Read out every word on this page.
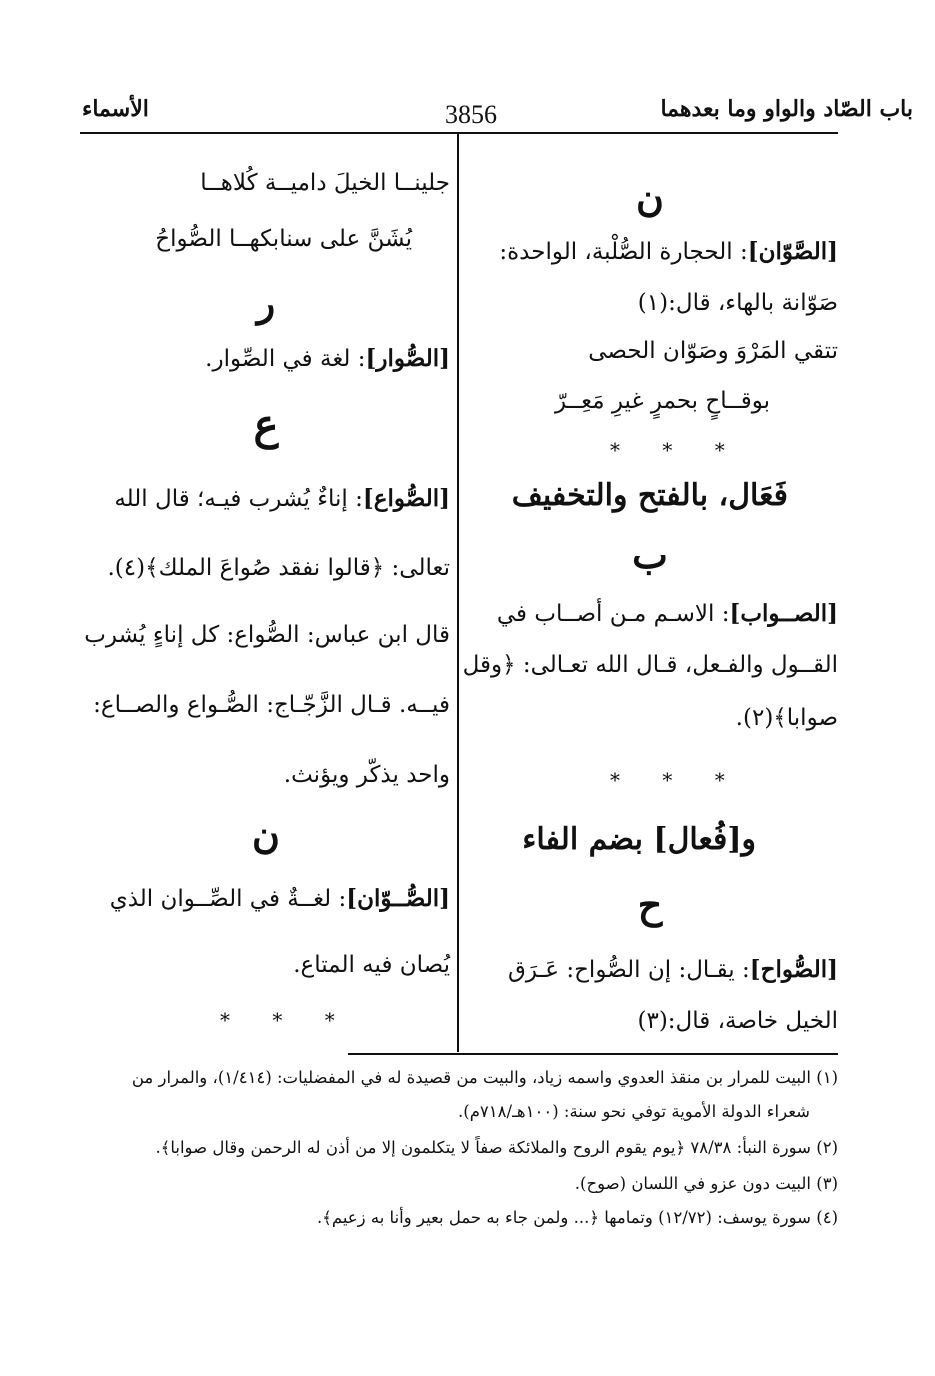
باب الصّاد والواو وما بعدهما
3856
الأسماء
ن
[الصَّوّان]: الحجارة الصُّلْبة، الواحدة:
صَوّانة بالهاء، قال:(١)
تتقي المَرْوَ وصَوّان الحصى
بوقــاحٍ بحمرٍ غيرِ مَعِــرّ
* * *
فَعَال، بالفتح والتخفيف
ب
[الصــواب]: الاسـم مـن أصــاب في
القــول والفـعل، قـال الله تعـالى: ﴿وقل
صوابا﴾(٢).
* * *
و[فُعال] بضم الفاء
ح
[الصُّواح]: يقـال: إن الصُّواح: عَـرَق
الخيل خاصة، قال:(٣)
جلينــا الخيلَ داميــة كُلاهــا
يُشَنَّ على سنابكهــا الصُّواحُ
ر
[الصُّوار]: لغة في الصِّوار.
ع
[الصُّواع]: إناءٌ يُشرب فيـه؛ قال الله
تعالى: ﴿قالوا نفقد صُواعَ الملك﴾(٤).
قال ابن عباس: الصُّواع: كل إناءٍ يُشرب
فيــه. قـال الزَّجّـاج: الصُّـواع والصــاع:
واحد يذكّر ويؤنث.
ن
[الصُّــوّان]: لغــةٌ في الصِّــوان الذي
يُصان فيه المتاع.
* * *
(١) البيت للمرار بن منقذ العدوي واسمه زياد، والبيت من قصيدة له في المفضليات: (١/٤١٤)، والمرار من
شعراء الدولة الأموية توفي نحو سنة: (١٠٠هـ/٧١٨م).
(٢) سورة النبأ: ٧٨/٣٨ ﴿يوم يقوم الروح والملائكة صفاً لا يتكلمون إلا من أذن له الرحمن وقال صوابا﴾.
(٣) البيت دون عزو في اللسان (صوح).
(٤) سورة يوسف: (١٢/٧٢) وتمامها ﴿... ولمن جاء به حمل بعير وأنا به زعيم﴾.
